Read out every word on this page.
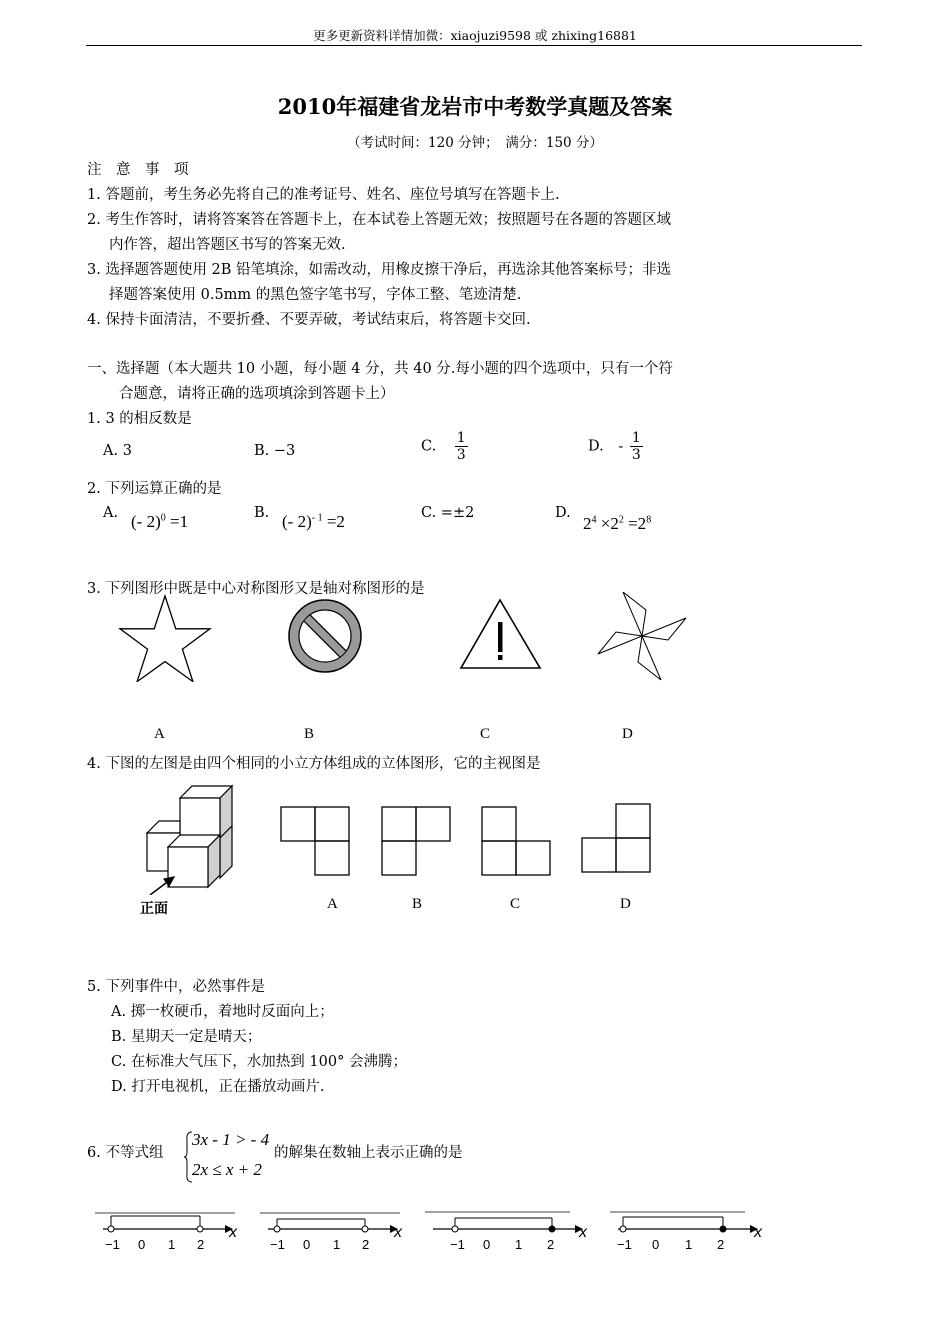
更多更新资料详情加微：xiaojuzi9598 或 zhixing16881
2010年福建省龙岩市中考数学真题及答案
（考试时间：120 分钟；　满分：150 分）
注　意　事　项
1. 答题前，考生务必先将自己的准考证号、姓名、座位号填写在答题卡上.
2. 考生作答时，请将答案答在答题卡上，在本试卷上答题无效；按照题号在各题的答题区域
内作答，超出答题区书写的答案无效.
3. 选择题答题使用 2B 铅笔填涂，如需改动，用橡皮擦干净后，再选涂其他答案标号；非选
择题答案使用 0.5mm 的黑色签字笔书写，字体工整、笔迹清楚.
4. 保持卡面清洁，不要折叠、不要弄破，考试结束后，将答题卡交回.
一、选择题（本大题共 10 小题，每小题 4 分，共 40 分.每小题的四个选项中，只有一个符
合题意，请将正确的选项填涂到答题卡上）
1. 3 的相反数是
A. 3	B. −3	C. $\frac{1}{3}$	D. - $\frac{1}{3}$
2. 下列运算正确的是
A. (- 2)$^0$ =1	B. (- 2)$^{- 1}$ =2	C. =±2	D.
$2^4 \times 2^2 =2^8$
3. 下列图形中既是中心对称图形又是轴对称图形的是
A	B	C	D
4. 下图的左图是由四个相同的小立方体组成的立体图形，它的主视图是
正面	A	B	C	D
5. 下列事件中，必然事件是
A. 掷一枚硬币，着地时反面向上；
B. 星期天一定是晴天；
C. 在标准大气压下，水加热到 100° 会沸腾；
D. 打开电视机，正在播放动画片.
6. 不等式组
3x - 1 > - 4
2x ≤ x + 2
的解集在数轴上表示正确的是
−1 0 1 2
x
−1 0 1 2
x
−1 0 1 2
x
−1 0 1 2
x
